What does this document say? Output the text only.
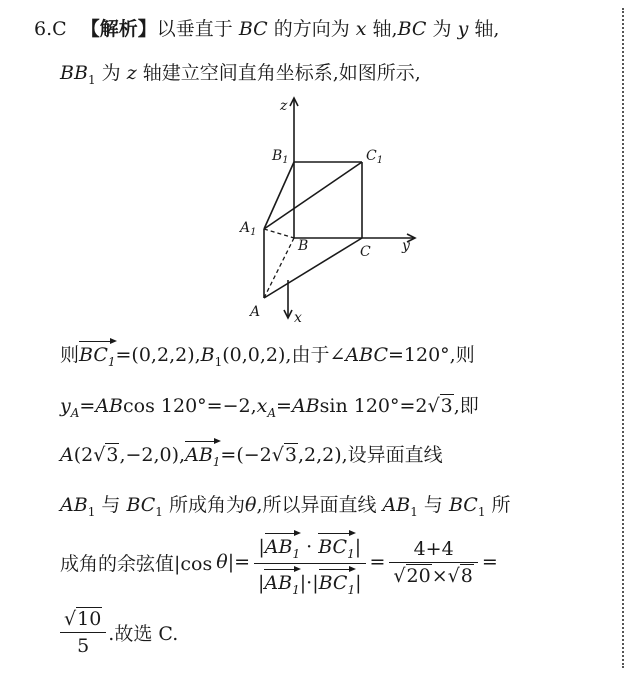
6.C 【解析】以垂直于 BC 的方向为 x 轴,BC 为 y 轴,
$BB_1$ 为 z 轴建立空间直角坐标系,如图所示,
z
$B_1$	$C_1$
$A_1$
B	C y
A x
则$BC_1=(0,2,2),B_1(0,0,2)$,由于∠ABC=120°,则
$y_A=ABcos$ $120^\circ=-2,x_A=ABsin$ 120°=2√3,即
$A(2√3,-2,0),AB_1=(-2√3,2,2)$,设异面直线
$AB_1$ 与 $BC_1$ 所成角为θ,所以异面直线 $AB_1$ 与 $BC_1$ 所
成角的余弦值|cos θ |= $\frac{|AB_1 \cdot BC_1|}{|AB_1|\cdot|BC_1|} = \frac{4+4}{√20\times√8}$ =
$\frac{√10}{5}$ .故选 C.
